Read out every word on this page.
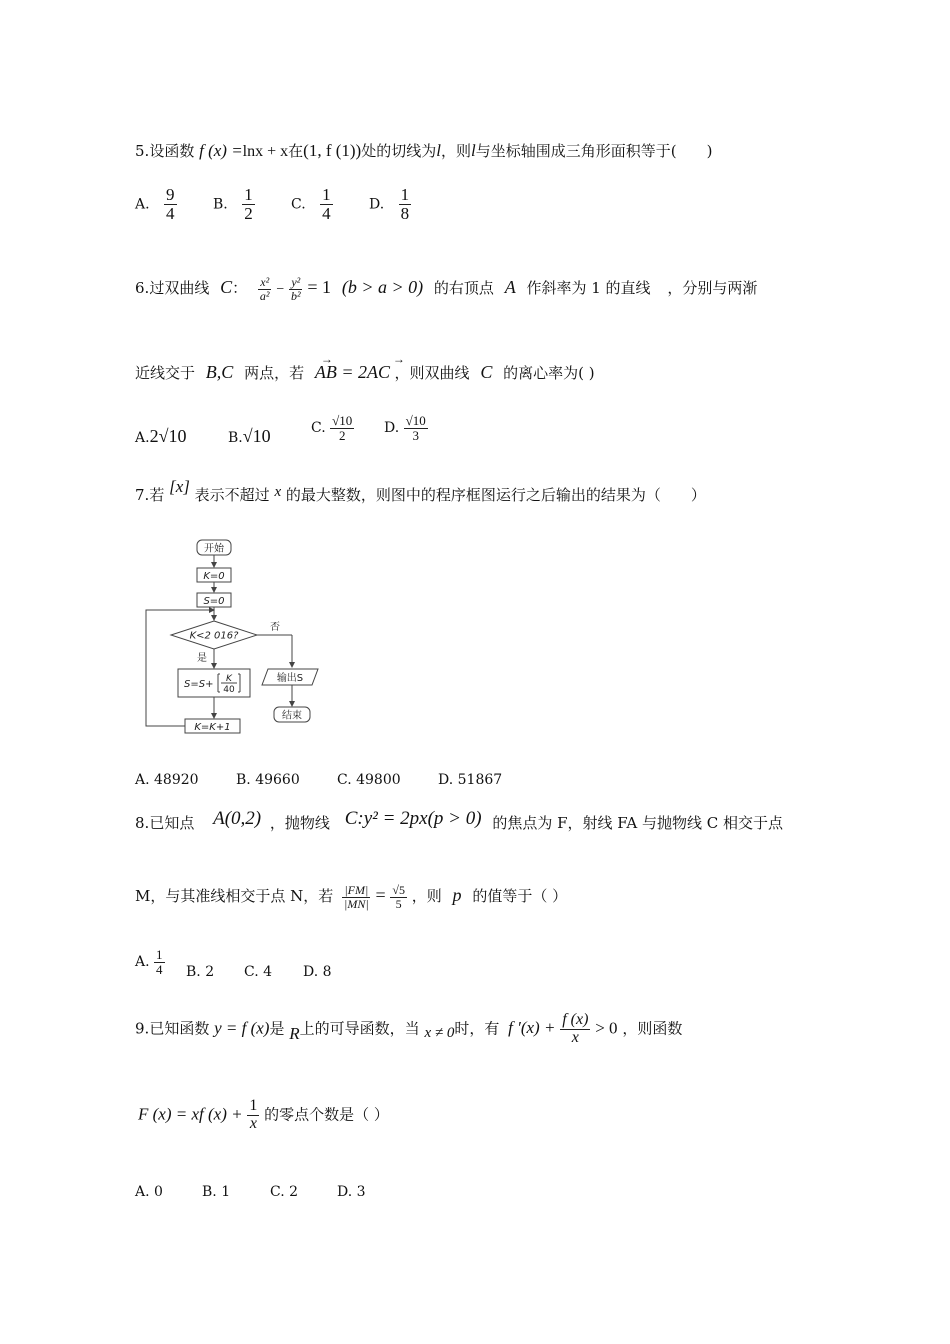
5.设函数 f (x) =lnx + x在(1, f (1))处的切线为l，则l与坐标轴围成三角形面积等于(　　)
A. $\frac{9}{4}$	B. $\frac{1}{2}$	C. $\frac{1}{4}$	D. $\frac{1}{8}$
6.过双曲线 C： $\frac{\text{x²}}{\text{a²}} - \frac{\text{y²}}{\text{b²}} = 1$ (b > a > 0) 的右顶点 A 作斜率为 1 的直线 ，分别与两渐
近线交于 B,C 两点，若
→	→
AB = 2AC ，则双曲线 C 的离心率为( )
A.2√10	B.√10	C. $\frac{√10}{2} D$. $\frac{√10}{3}$
7.若 [x] 表示不超过 x 的最大整数，则图中的程序框图运行之后输出的结果为（　　）
开始
K=0
S=0
K<2 016?
否
是
S=S+ K
40
输出S
结束
K=K+1
A. 48920	B. 49660	C. 49800	D. 51867
8.已知点 A(0,2) ，抛物线 C:y² = 2px(p > 0) 的焦点为 F，射线 FA 与抛物线 C 相交于点
M，与其准线相交于点 N，若 $\frac{|FM|}{|MN|} = \frac{√5}{5}$ ，则 p 的值等于（ ）
A. $\frac{1}{4} B$. 2 C. 4 D. 8
9.已知函数 y = f (x)是 R上的可导函数，当 x ≠ 0时，有 f $'(x) + \frac{f (x)}{x} > 0$ ，则函数
F (x) = xf $(x) + \frac{1}{x}$ 的零点个数是（ ）
A. 0	B. 1	C. 2	D. 3
